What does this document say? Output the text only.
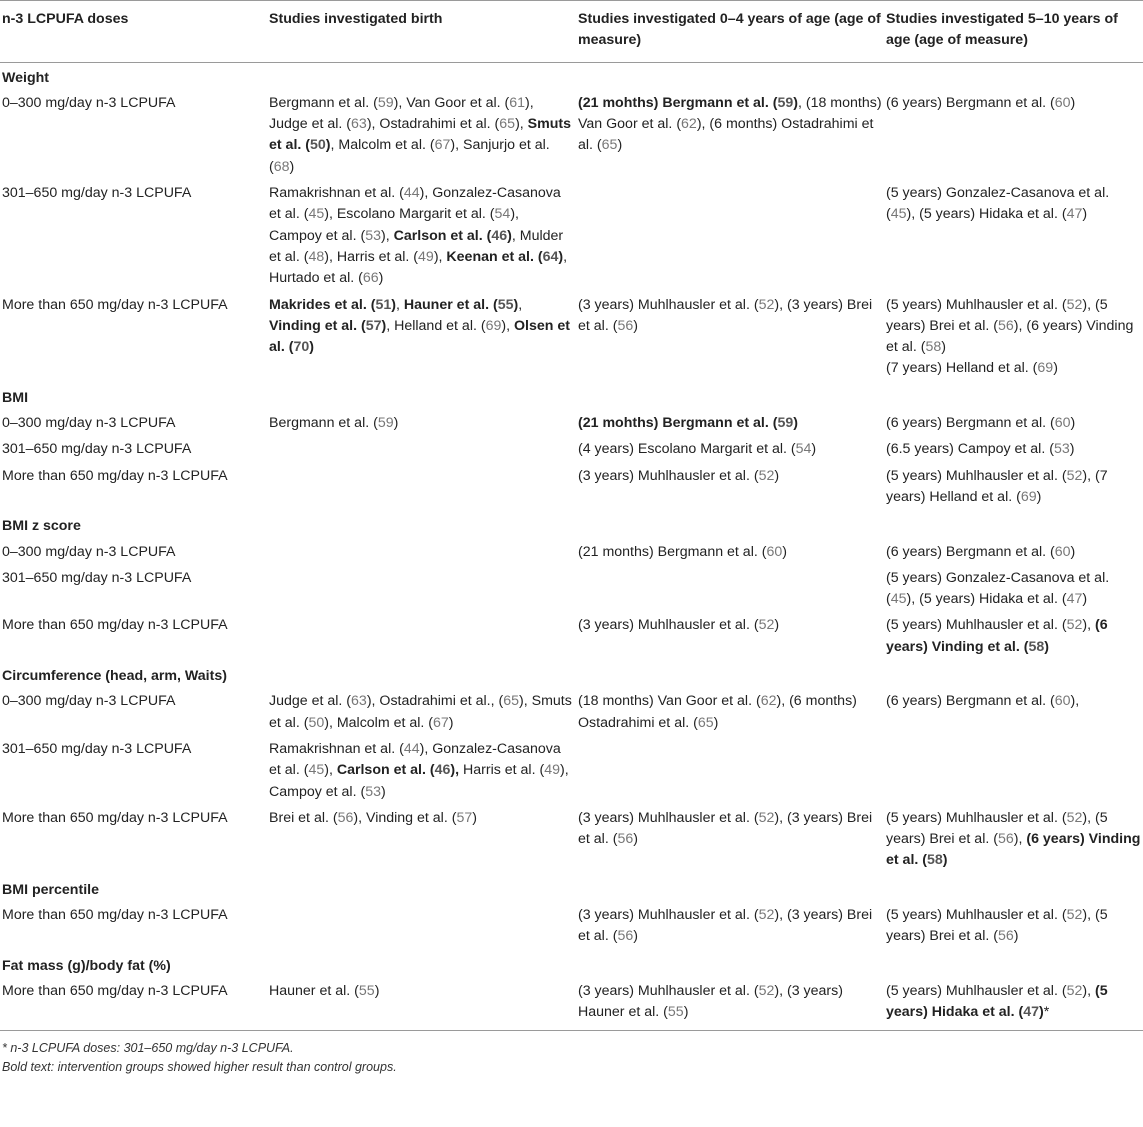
n-3 LCPUFA doses	Studies investigated birth	Studies investigated 0–4 years of age (age of measure)	Studies investigated 5–10 years of age (age of measure)
Weight			
0–300 mg/day n-3 LCPUFA	Bergmann et al. (59), Van Goor et al. (61), Judge et al. (63), Ostadrahimi et al. (65), Smuts et al. (50), Malcolm et al. (67), Sanjurjo et al. (68)	(21 mohths) Bergmann et al. (59), (18 months) Van Goor et al. (62), (6 months) Ostadrahimi et al. (65)	(6 years) Bergmann et al. (60)

301–650 mg/day n-3 LCPUFA	Ramakrishnan et al. (44), Gonzalez-Casanova et al. (45), Escolano Margarit et al. (54), Campoy et al. (53), Carlson et al. (46), Mulder et al. (48), Harris et al. (49), Keenan et al. (64), Hurtado et al. (66)		(5 years) Gonzalez-Casanova et al. (45), (5 years) Hidaka et al. (47)

More than 650 mg/day n-3 LCPUFA	Makrides et al. (51), Hauner et al. (55), Vinding et al. (57), Helland et al. (69), Olsen et al. (70)	(3 years) Muhlhausler et al. (52), (3 years) Brei et al. (56)	(5 years) Muhlhausler et al. (52), (5 years) Brei et al. (56), (6 years) Vinding et al. (58)
(7 years) Helland et al. (69)

BMI			
0–300 mg/day n-3 LCPUFA	Bergmann et al. (59)	(21 mohths) Bergmann et al. (59)	(6 years) Bergmann et al. (60)

301–650 mg/day n-3 LCPUFA		(4 years) Escolano Margarit et al. (54)	(6.5 years) Campoy et al. (53)

More than 650 mg/day n-3 LCPUFA		(3 years) Muhlhausler et al. (52)	(5 years) Muhlhausler et al. (52), (7 years) Helland et al. (69)

BMI z score			
0–300 mg/day n-3 LCPUFA		(21 months) Bergmann et al. (60)	(6 years) Bergmann et al. (60)

301–650 mg/day n-3 LCPUFA			(5 years) Gonzalez-Casanova et al. (45), (5 years) Hidaka et al. (47)

More than 650 mg/day n-3 LCPUFA		(3 years) Muhlhausler et al. (52)	(5 years) Muhlhausler et al. (52), (6 years) Vinding et al. (58)

Circumference (head, arm, Waits)			
0–300 mg/day n-3 LCPUFA	Judge et al. (63), Ostadrahimi et al., (65), Smuts et al. (50), Malcolm et al. (67)	(18 months) Van Goor et al. (62), (6 months) Ostadrahimi et al. (65)	(6 years) Bergmann et al. (60),

301–650 mg/day n-3 LCPUFA	Ramakrishnan et al. (44), Gonzalez-Casanova et al. (45), Carlson et al. (46), Harris et al. (49), Campoy et al. (53)		

More than 650 mg/day n-3 LCPUFA	Brei et al. (56), Vinding et al. (57)	(3 years) Muhlhausler et al. (52), (3 years) Brei et al. (56)	(5 years) Muhlhausler et al. (52), (5 years) Brei et al. (56), (6 years) Vinding et al. (58)

BMI percentile			
More than 650 mg/day n-3 LCPUFA		(3 years) Muhlhausler et al. (52), (3 years) Brei et al. (56)	(5 years) Muhlhausler et al. (52), (5 years) Brei et al. (56)

Fat mass (g)/body fat (%)			
More than 650 mg/day n-3 LCPUFA	Hauner et al. (55)	(3 years) Muhlhausler et al. (52), (3 years) Hauner et al. (55)	(5 years) Muhlhausler et al. (52), (5 years) Hidaka et al. (47)*
* n-3 LCPUFA doses: 301–650 mg/day n-3 LCPUFA.
Bold text: intervention groups showed higher result than control groups.
